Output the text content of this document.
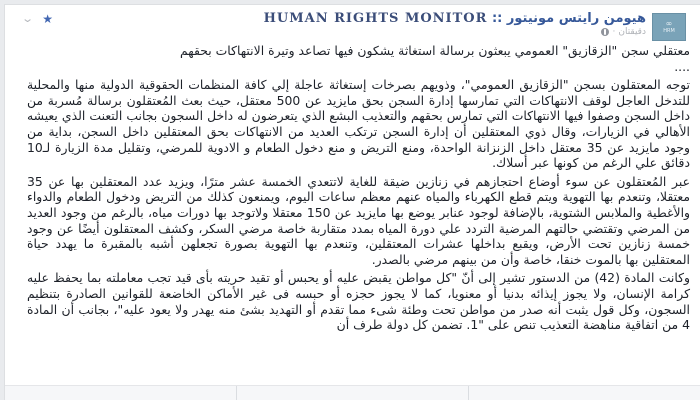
⌄ ★	هيومن رايتس مونيتور :: HUMAN RIGHTS MONITOR
دقيقتان
·
∞
HRM

معتقلي سجن "الزقازيق" العمومي يبعثون برسالة استغاثة يشكون فيها تصاعد وتيرة الانتهاكات بحقهم

....

توجه المعتقلون بسجن "الزقازيق العمومي"، وذويهم بصرخات إستغاثة عاجلة إلي كافة المنظمات الحقوقية الدولية منها والمحلية للتدخل العاجل لوقف الانتهاكات التي تمارسها إدارة السجن بحق مايزيد عن 500 معتقل، حيث بعث المُعتقلون برسالة مُسربة من داخل السجن وصفوا فيها الانتهاكات التي تمارس بحقهم والتعذيب البشع الذي يتعرضون له داخل السجون بجانب التعنت الذي يعيشه الأهالي في الزيارات، وقال ذوي المعتقلين أن إدارة السجن ترتكب العديد من الانتهاكات بحق المعتقلين داخل السجن، بداية من وجود مايزيد عن 35 معتقل داخل الزنزانة الواحدة، ومنع التريض و منع دخول الطعام و الادوية للمرضي، وتقليل مدة الزيارة لـ10 دقائق علي الرغم من كونها عبر أسلاك.

عبر المُعتقلون عن سوء أوضاع احتجازهم في زنازين ضيقة للغاية لاتتعدي الخمسة عشر مترًا، ويزيد عدد المعتقلين بها عن 35 معتقلا، وتنعدم بها التهوية ويتم قطع الكهرباء والمياه عنهم معظم ساعات اليوم، ويمنعون كذلك من التريض ودخول الطعام والدواء والأغطية والملابس الشتوية، بالإضافة لوجود عنابر يوضع بها مايزيد عن 150 معتقلا ولاتوجد بها دورات مياه، بالرغم من وجود العديد من المرضي وتقتضي حالتهم المرضية التردد علي دورة المياه بمدد متقاربة خاصة مرضي السكر، وكشف المعتقلون أيضًا عن وجود خمسة زنازين تحت الأرض، ويقبع بداخلها عشرات المعتقلين، وتنعدم بها التهوية بصورة تجعلهن أشبه بالمقبرة ما يهدد حياة المعتقلين بها بالموت خنقا، خاصة وأن من بينهم مرضي بالصدر.

وكانت المادة (42) من الدستور تشير إلى أنّ "كل مواطن يقبض عليه أو يحبس أو تقيد حريته بأى قيد تجب معاملته بما يحفظ عليه كرامة الإنسان، ولا يجوز إيذائه بدنيا أو معنويا، كما لا يجوز حجزه أو حبسه فى غير الأماكن الخاضعة للقوانين الصادرة بتنظيم السجون، وكل قول يثبت أنه صدر من مواطن تحت وطئة شىء مما تقدم أو التهديد بشئ منه يهدر ولا يعود عليه"، بجانب أن المادة 4 من اتفاقية مناهضة التعذيب تنص على "1. تضمن كل دولة طرف أن
